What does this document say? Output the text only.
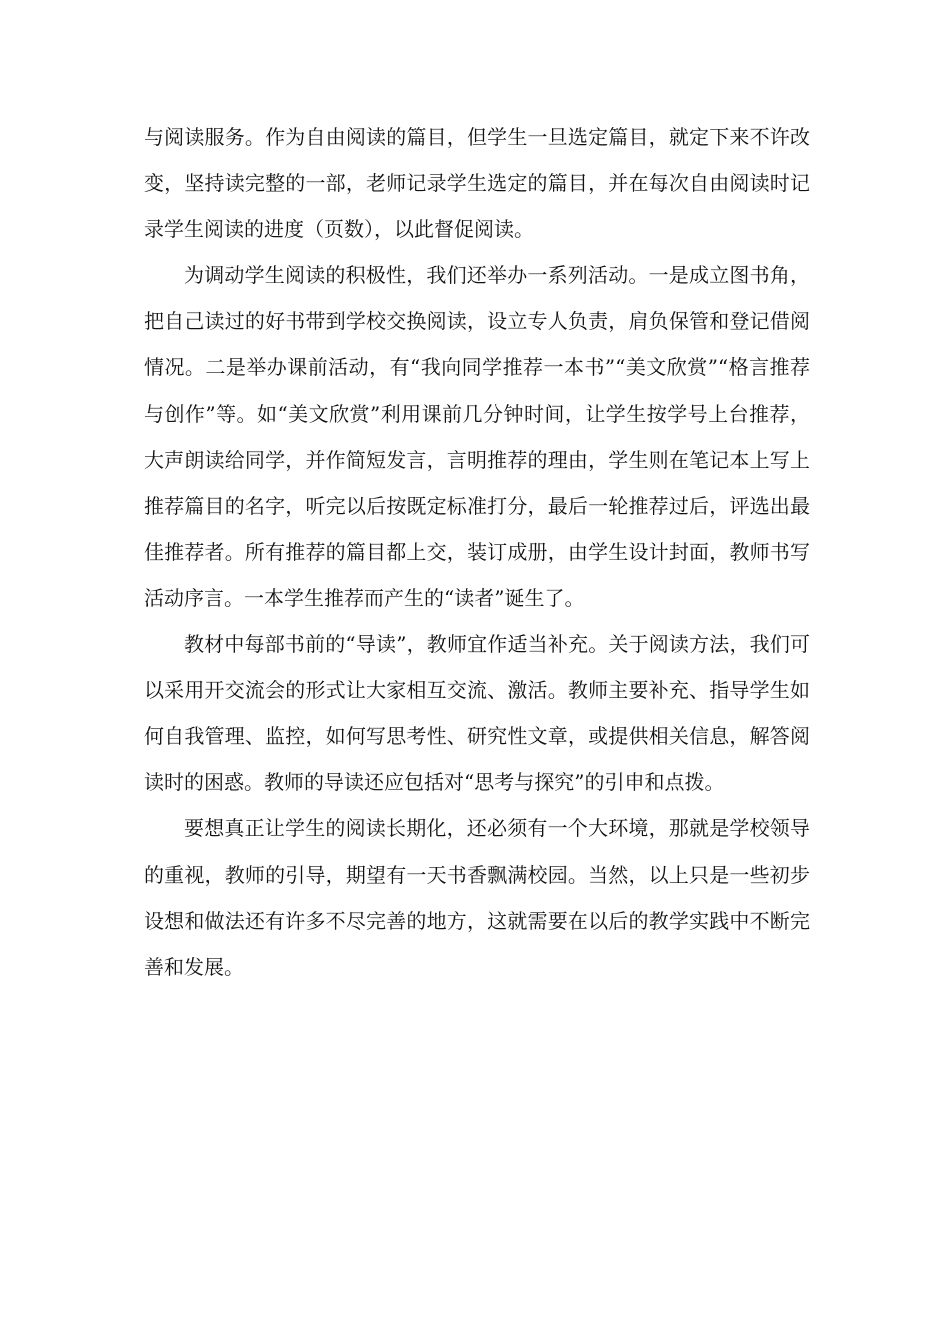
与阅读服务。作为自由阅读的篇目，但学生一旦选定篇目，就定下来不许改变，坚持读完整的一部，老师记录学生选定的篇目，并在每次自由阅读时记录学生阅读的进度（页数），以此督促阅读。

为调动学生阅读的积极性，我们还举办一系列活动。一是成立图书角，把自己读过的好书带到学校交换阅读，设立专人负责，肩负保管和登记借阅情况。二是举办课前活动，有“我向同学推荐一本书”“美文欣赏”“格言推荐与创作”等。如“美文欣赏”利用课前几分钟时间，让学生按学号上台推荐，大声朗读给同学，并作简短发言，言明推荐的理由，学生则在笔记本上写上推荐篇目的名字，听完以后按既定标准打分，最后一轮推荐过后，评选出最佳推荐者。所有推荐的篇目都上交，装订成册，由学生设计封面，教师书写活动序言。一本学生推荐而产生的“读者”诞生了。

教材中每部书前的“导读”，教师宜作适当补充。关于阅读方法，我们可以采用开交流会的形式让大家相互交流、激活。教师主要补充、指导学生如何自我管理、监控，如何写思考性、研究性文章，或提供相关信息，解答阅读时的困惑。教师的导读还应包括对“思考与探究”的引申和点拨。

要想真正让学生的阅读长期化，还必须有一个大环境，那就是学校领导的重视，教师的引导，期望有一天书香飘满校园。当然，以上只是一些初步设想和做法还有许多不尽完善的地方，这就需要在以后的教学实践中不断完善和发展。
